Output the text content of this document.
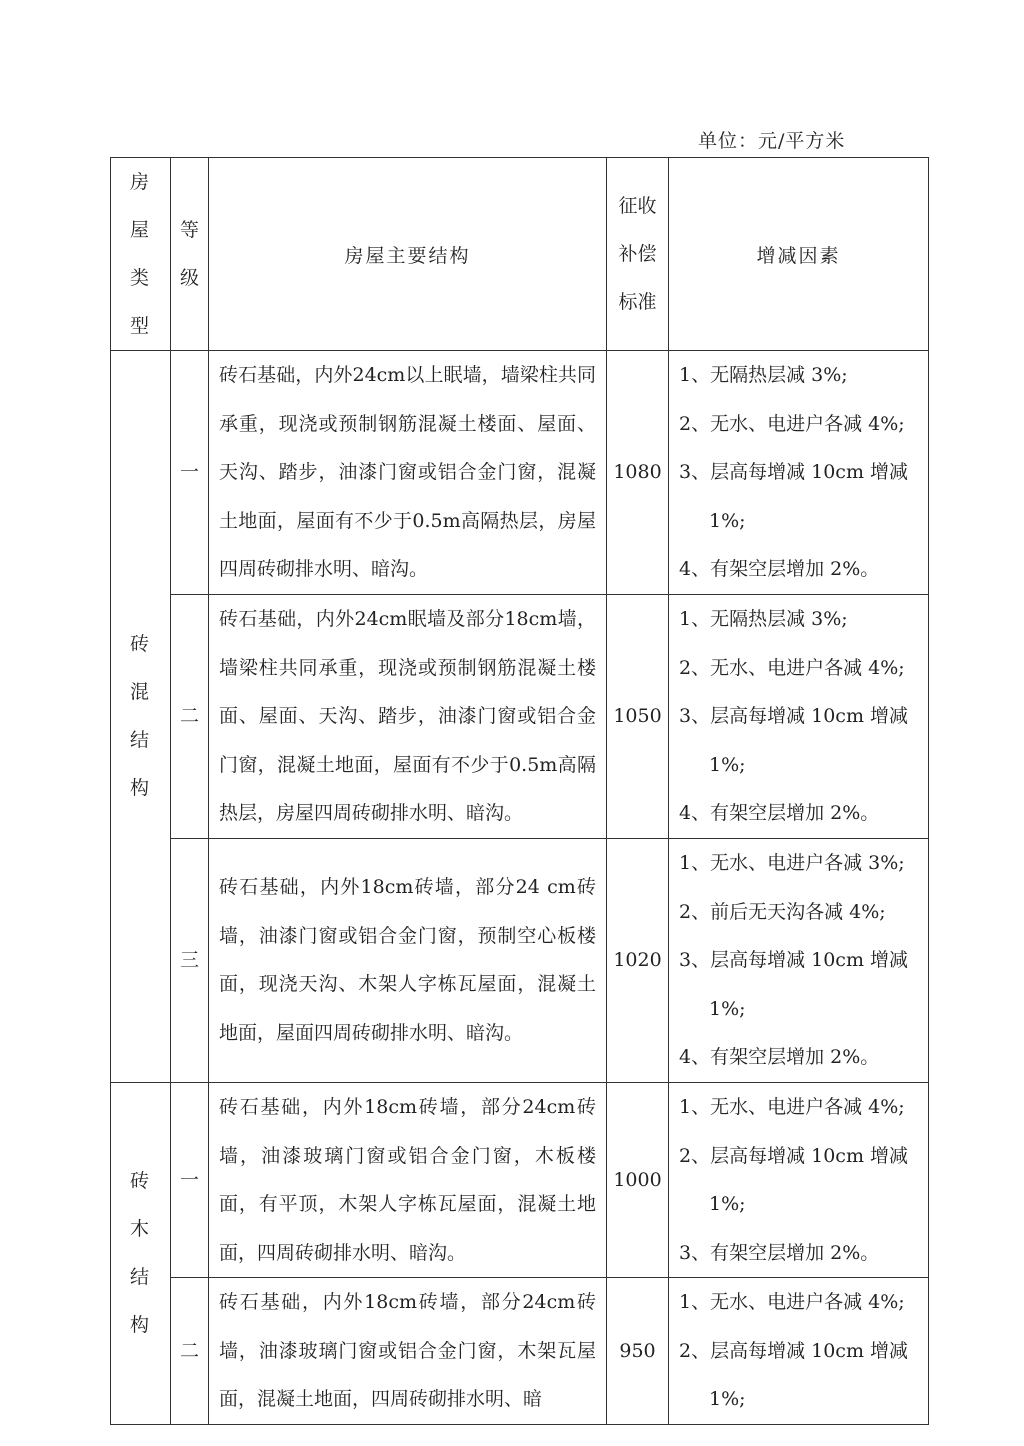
单位：元/平方米
房屋类型	等级	房屋主要结构	征收补偿标准	增减因素
砖混结构	一	砖石基础，内外24cm以上眠墙，墙梁柱共同承重，现浇或预制钢筋混凝土楼面、屋面、天沟、踏步，油漆门窗或铝合金门窗，混凝土地面，屋面有不少于0.5m高隔热层，房屋四周砖砌排水明、暗沟。	1080	1、无隔热层减 3%;
2、无水、电进户各减 4%;
3、层高每增减 10cm 增减
1%;
4、有架空层增加 2%。

	二	砖石基础，内外24cm眠墙及部分18cm墙，墙梁柱共同承重，现浇或预制钢筋混凝土楼面、屋面、天沟、踏步，油漆门窗或铝合金门窗，混凝土地面，屋面有不少于0.5m高隔热层，房屋四周砖砌排水明、暗沟。	1050	1、无隔热层减 3%;
2、无水、电进户各减 4%;
3、层高每增减 10cm 增减
1%;
4、有架空层增加 2%。

	三	砖石基础，内外18cm砖墙，部分24 cm砖墙，油漆门窗或铝合金门窗，预制空心板楼面，现浇天沟、木架人字栋瓦屋面，混凝土地面，屋面四周砖砌排水明、暗沟。	1020	1、无水、电进户各减 3%;
2、前后无天沟各减 4%;
3、层高每增减 10cm 增减
1%;
4、有架空层增加 2%。

砖木结构	一	砖石基础，内外18cm砖墙，部分24cm砖墙，油漆玻璃门窗或铝合金门窗，木板楼面，有平顶，木架人字栋瓦屋面，混凝土地面，四周砖砌排水明、暗沟。	1000	1、无水、电进户各减 4%;
2、层高每增减 10cm 增减
1%;
3、有架空层增加 2%。

	二	砖石基础，内外18cm砖墙，部分24cm砖墙，油漆玻璃门窗或铝合金门窗，木架瓦屋面，混凝土地面，四周砖砌排水明、暗	950	1、无水、电进户各减 4%;
2、层高每增减 10cm 增减
1%;
